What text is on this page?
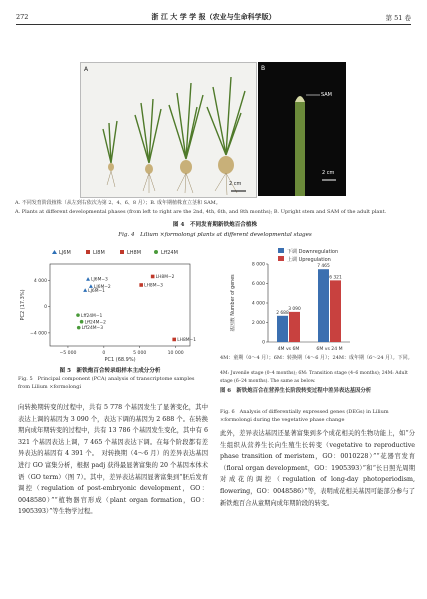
272	浙 江 大 学 学 报（农业与生命科学版）	第 51 卷
A
2 cm
B
SAM
2 cm
A. 不同发育阶段植株（从左到右依次为第 2、4、6、8 月）；B. 成年期植株直立茎和 SAM。
A. Plants at different developmental phases (from left to right are the 2nd, 4th, 6th, and 8th months); B. Upright stem and SAM of the adult plant.
图 4　不同发育期新铁炮百合植株
Fig. 4　Lilium ×formolongi plants at different developmental stages
LJ6M	LI8M	LH8M	Lff24M
−5 000	0	5 000	10 000
4 000
0
−4 000
PC1 (68.9%)
PC2 (17.3%)
LJ6M−3
LJ6M−2
LJ6M−1
LH8M−2
LH8M−3
LH8M−1
Lff24M−1
Lff24M−2
Lff24M−3
图 5　新铁炮百合转录组样本主成分分析
Fig. 5　Principal component (PCA) analysis of transcriptome samples from Lilium ×formolongi
下调 Downregulation
上调 Upregulation
8 000
6 000
4 000
2 000
0
基因数 Number of genes	2 688
3 090
4M vs 6M
7 465
6 321
6M vs 24 M
4M：童期（0～4 月）；6M：转换期（4～6 月）；24M：成年期（6～24 月）。下同。
4M: Juvenile stage (0–4 months); 6M: Transition stage (4–6 months); 24M: Adult stage (6–24 months). The same as below.
图 6　新铁炮百合在营养生长阶段转变过程中差异表达基因分析
Fig. 6　Analysis of differentially expressed genes (DEGs) in Lilium ×formolongi during the vegetative phase change
向转换期转变的过程中，共有 5 778 个基因发生了显著变化，其中表达上调的基因为 3 090 个，表达下调的基因为 2 688 个。在转换期向成年期转变的过程中，共有 13 786 个基因发生变化，其中有 6 321 个基因表达上调，7 465 个基因表达下调。在每个阶段都有差异表达的基因有 4 391 个。　对转换期（4～6 月）的差异表达基因进行 GO 富集分析，根据 padj 获得最显著富集的 20 个基因本体术语（GO term）（图 7）。其中，差异表达基因显著富集到“胚后发育调控（regulation of post-embryonic development，GO：0048580）”“植物器官形成（plant organ formation，GO：1905393）”等生物学过程。
此外，差异表达基因还显著富集到多个成花相关的生物功能上，如“分生组织从营养生长向生殖生长转变（vegetative to reproductive phase transition of meristem，GO：0010228）”“花器官发育（floral organ development，GO：1905393）”和“长日照光周期对成花的调控（regulation of long-day photoperiodism, flowering，GO：0048586）”等，表明成花相关基因可能部分参与了新铁炮百合从童期向成年期阶段的转变。
